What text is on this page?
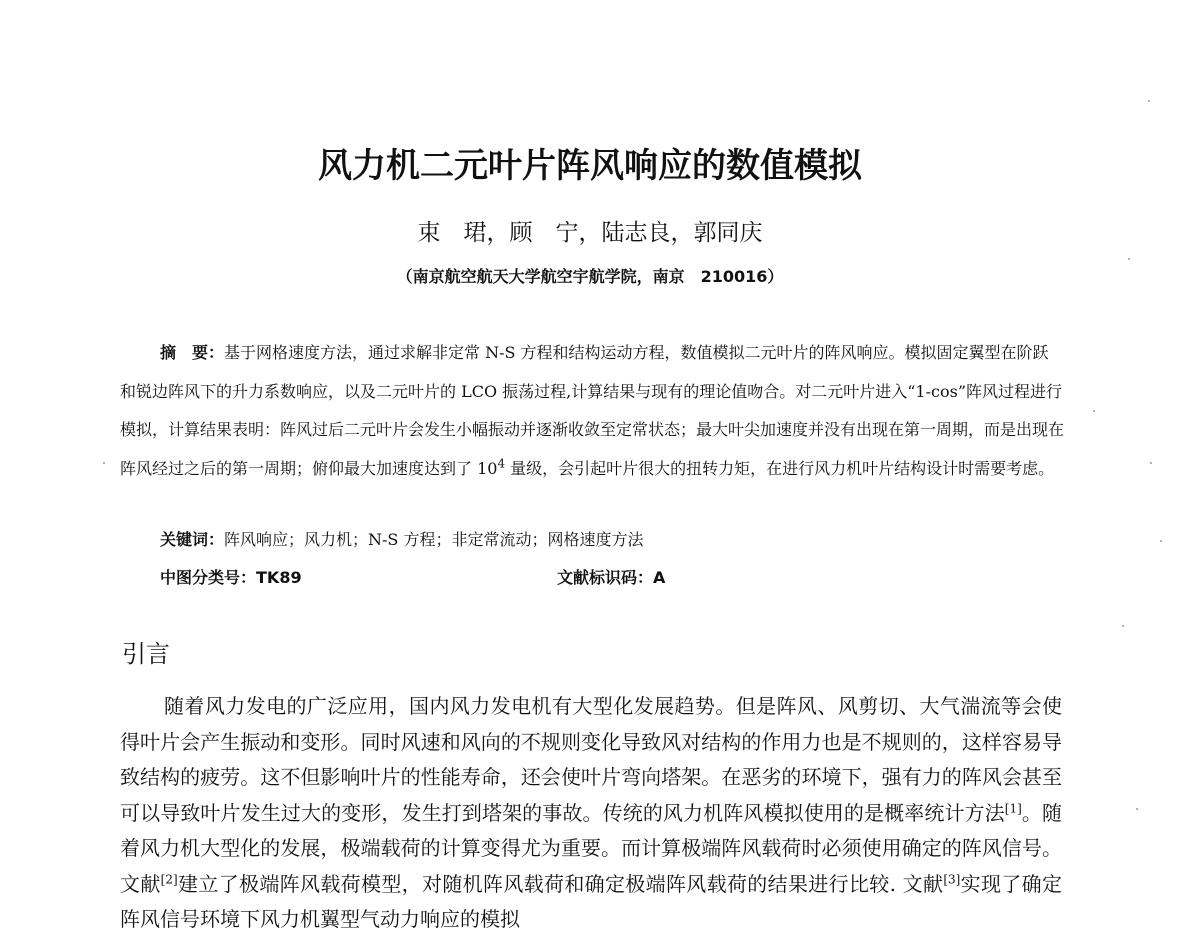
风力机二元叶片阵风响应的数值模拟
束　珺，顾　宁，陆志良，郭同庆
（南京航空航天大学航空宇航学院，南京　210016）

摘　要：基于网格速度方法，通过求解非定常 N-S 方程和结构运动方程，数值模拟二元叶片的阵风响应。模拟固定翼型在阶跃和锐边阵风下的升力系数响应，以及二元叶片的 LCO 振荡过程,计算结果与现有的理论值吻合。对二元叶片进入“1-cos”阵风过程进行模拟，计算结果表明：阵风过后二元叶片会发生小幅振动并逐渐收敛至定常状态；最大叶尖加速度并没有出现在第一周期，而是出现在阵风经过之后的第一周期；俯仰最大加速度达到了 $10^4$ 量级，会引起叶片很大的扭转力矩，在进行风力机叶片结构设计时需要考虑。

关键词：阵风响应；风力机；N-S 方程；非定常流动；网格速度方法
中图分类号：TK89	文献标识码：A
引言

随着风力发电的广泛应用，国内风力发电机有大型化发展趋势。但是阵风、风剪切、大气湍流等会使得叶片会产生振动和变形。同时风速和风向的不规则变化导致风对结构的作用力也是不规则的，这样容易导致结构的疲劳。这不但影响叶片的性能寿命，还会使叶片弯向塔架。在恶劣的环境下，强有力的阵风会甚至可以导致叶片发生过大的变形，发生打到塔架的事故。传统的风力机阵风模拟使用的是概率统计方法[1]。随着风力机大型化的发展，极端载荷的计算变得尤为重要。而计算极端阵风载荷时必须使用确定的阵风信号。文献[2]建立了极端阵风载荷模型，对随机阵风载荷和确定极端阵风载荷的结果进行比较. 文献[3]实现了确定阵风信号环境下风力机翼型气动力响应的模拟
